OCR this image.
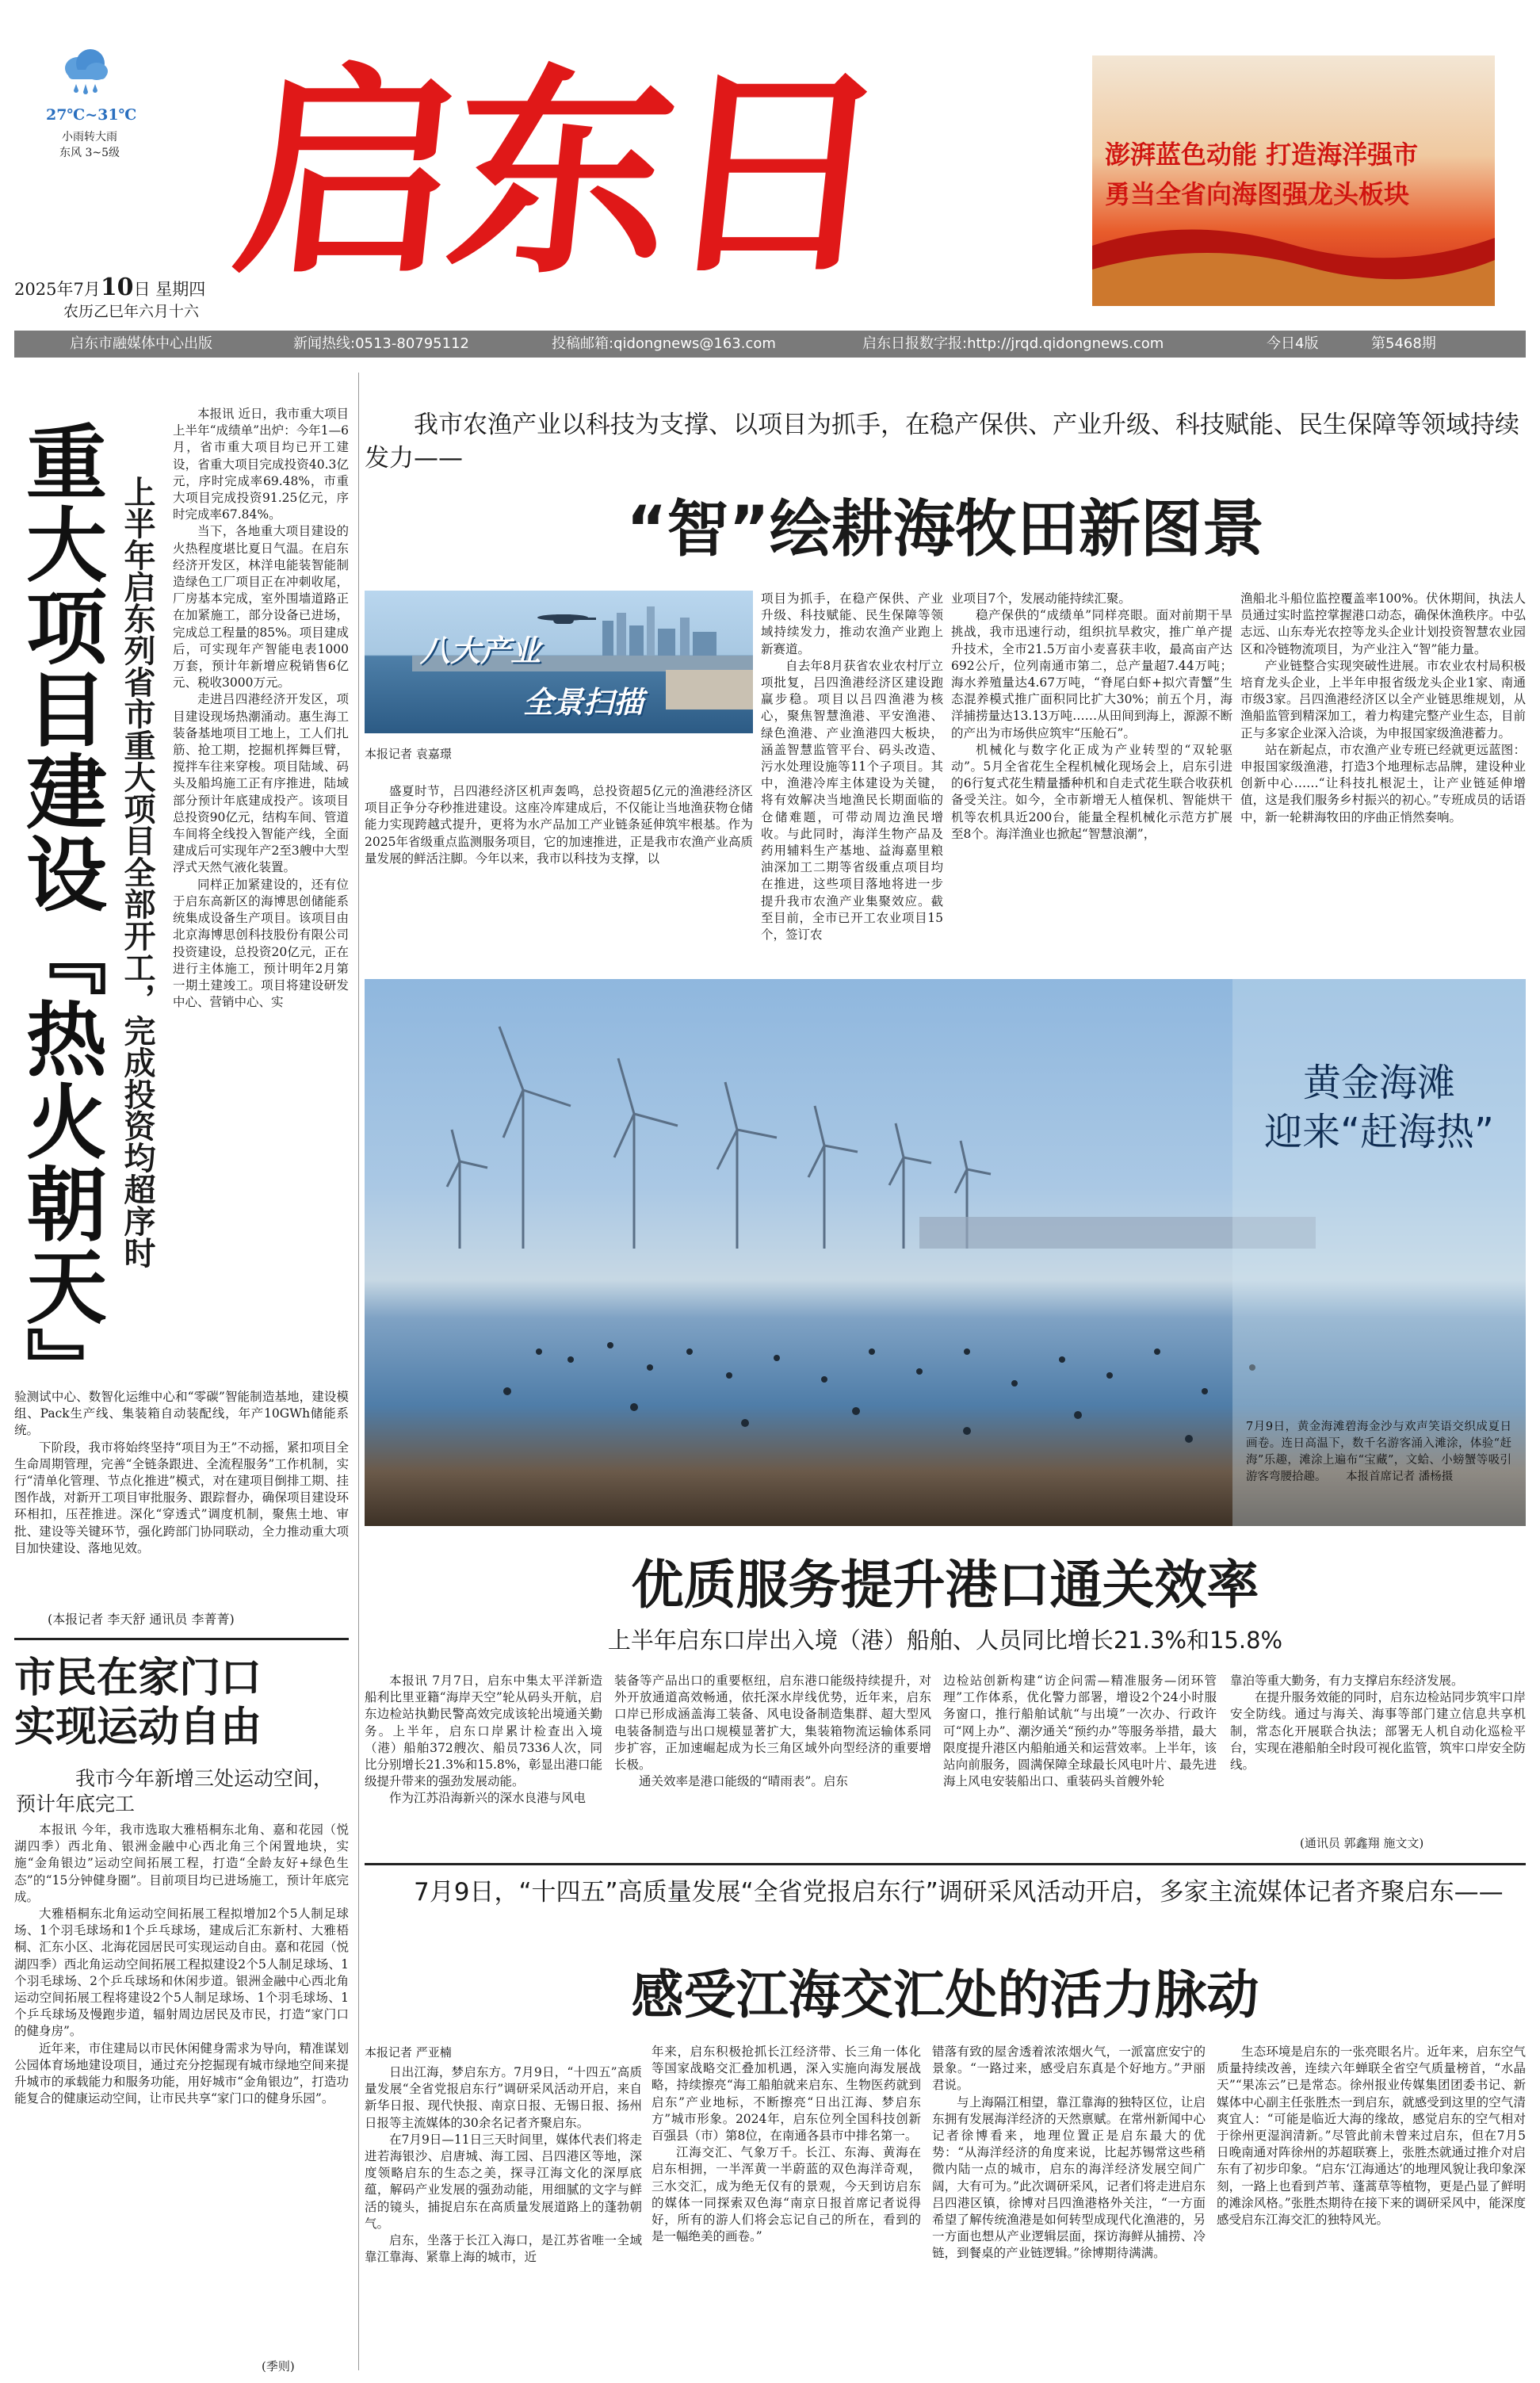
27℃~31℃
小雨转大雨
东风 3~5级
2025年7月10日 星期四
农历乙巳年六月十六
启东日报
澎湃蓝色动能 打造海洋强市
勇当全省向海图强龙头板块
启东市融媒体中心出版	新闻热线:0513-80795112	投稿邮箱:qidongnews@163.com	启东日报数字报:http://jrqd.qidongnews.com	今日4版	第5468期
重大项目建设『热火朝天』 上半年启东列省市重大项目全部开工，完成投资均超序时

本报讯 近日，我市重大项目上半年“成绩单”出炉：今年1—6月，省市重大项目均已开工建设，省重大项目完成投资40.3亿元，序时完成率69.48%，市重大项目完成投资91.25亿元，序时完成率67.84%。

当下，各地重大项目建设的火热程度堪比夏日气温。在启东经济开发区，林洋电能装智能制造绿色工厂项目正在冲刺收尾，厂房基本完成，室外围墙道路正在加紧施工，部分设备已进场，完成总工程量的85%。项目建成后，可实现年产智能电表1000万套，预计年新增应税销售6亿元、税收3000万元。

走进吕四港经济开发区，项目建设现场热潮涌动。惠生海工装备基地项目工地上，工人们扎筋、抢工期，挖掘机挥舞巨臂，搅拌车往来穿梭。项目陆域、码头及船坞施工正有序推进，陆域部分预计年底建成投产。该项目总投资90亿元，结构车间、管道车间将全线投入智能产线，全面建成后可实现年产2至3艘中大型浮式天然气液化装置。

同样正加紧建设的，还有位于启东高新区的海博思创储能系统集成设备生产项目。该项目由北京海博思创科技股份有限公司投资建设，总投资20亿元，正在进行主体施工，预计明年2月第一期土建竣工。项目将建设研发中心、营销中心、实

验测试中心、数智化运维中心和“零碳”智能制造基地，建设模组、Pack生产线、集装箱自动装配线，年产10GWh储能系统。

下阶段，我市将始终坚持“项目为王”不动摇，紧扣项目全生命周期管理，完善“全链条跟进、全流程服务”工作机制，实行“清单化管理、节点化推进”模式，对在建项目倒排工期、挂图作战，对新开工项目审批服务、跟踪督办，确保项目建设环环相扣，压茬推进。深化“穿透式”调度机制，聚焦土地、审批、建设等关键环节，强化跨部门协同联动，全力推动重大项目加快建设、落地见效。

(本报记者 李天舒 通讯员 李菁菁)
市民在家门口
实现运动自由
我市今年新增三处运动空间，预计年底完工

本报讯 今年，我市选取大雅梧桐东北角、嘉和花园（悦湖四季）西北角、银洲金融中心西北角三个闲置地块，实施“金角银边”运动空间拓展工程，打造“全龄友好+绿色生态”的“15分钟健身圈”。目前项目均已进场施工，预计年底完成。

大雅梧桐东北角运动空间拓展工程拟增加2个5人制足球场、1个羽毛球场和1个乒乓球场，建成后汇东新村、大雅梧桐、汇东小区、北海花园居民可实现运动自由。嘉和花园（悦湖四季）西北角运动空间拓展工程拟建设2个5人制足球场、1个羽毛球场、2个乒乓球场和休闲步道。银洲金融中心西北角运动空间拓展工程将建设2个5人制足球场、1个羽毛球场、1个乒乓球场及慢跑步道，辐射周边居民及市民，打造“家门口的健身房”。

近年来，市住建局以市民休闲健身需求为导向，精准谋划公园体育场地建设项目，通过充分挖掘现有城市绿地空间来提升城市的承载能力和服务功能，用好城市“金角银边”，打造功能复合的健康运动空间，让市民共享“家门口的健身乐园”。

(季则)
我市农渔产业以科技为支撑、以项目为抓手，在稳产保供、产业升级、科技赋能、民生保障等领域持续发力——
“智”绘耕海牧田新图景
八大产业
全景扫描
本报记者 袁嘉璟

盛夏时节，吕四港经济区机声轰鸣，总投资超5亿元的渔港经济区项目正争分夺秒推进建设。这座冷库建成后，不仅能让当地渔获物仓储能力实现跨越式提升，更将为水产品加工产业链条延伸筑牢根基。作为2025年省级重点监测服务项目，它的加速推进，正是我市农渔产业高质量发展的鲜活注脚。今年以来，我市以科技为支撑，以

项目为抓手，在稳产保供、产业升级、科技赋能、民生保障等领域持续发力，推动农渔产业跑上新赛道。

自去年8月获省农业农村厅立项批复，吕四渔港经济区建设跑赢步稳。项目以吕四渔港为核心，聚焦智慧渔港、平安渔港、绿色渔港、产业渔港四大板块，涵盖智慧监管平台、码头改造、污水处理设施等11个子项目。其中，渔港冷库主体建设为关键，将有效解决当地渔民长期面临的仓储难题，可带动周边渔民增收。与此同时，海洋生物产品及药用辅料生产基地、益海嘉里粮油深加工二期等省级重点项目均在推进，这些项目落地将进一步提升我市农渔产业集聚效应。截至目前，全市已开工农业项目15个，签订农

业项目7个，发展动能持续汇聚。

稳产保供的“成绩单”同样亮眼。面对前期干旱挑战，我市迅速行动，组织抗旱救灾，推广单产提升技术，全市21.5万亩小麦喜获丰收，最高亩产达692公斤，位列南通市第二，总产量超7.44万吨；海水养殖量达4.67万吨，“脊尾白虾+拟穴青蟹”生态混养模式推广面积同比扩大30%；前五个月，海洋捕捞量达13.13万吨……从田间到海上，源源不断的产出为市场供应筑牢“压舱石”。

机械化与数字化正成为产业转型的“双轮驱动”。5月全省花生全程机械化现场会上，启东引进的6行复式花生精量播种机和自走式花生联合收获机备受关注。如今，全市新增无人植保机、智能烘干机等农机具近200台，能量全程机械化示范方扩展至8个。海洋渔业也掀起“智慧浪潮”，

渔船北斗船位监控覆盖率100%。伏休期间，执法人员通过实时监控掌握港口动态，确保休渔秩序。中弘志远、山东寿光农控等龙头企业计划投资智慧农业园区和冷链物流项目，为产业注入“智”能力量。

产业链整合实现突破性进展。市农业农村局积极培育龙头企业，上半年申报省级龙头企业1家、南通市级3家。吕四渔港经济区以全产业链思维规划，从渔船监管到精深加工，着力构建完整产业生态，目前正与多家企业深入洽谈，为申报国家级渔港蓄力。

站在新起点，市农渔产业专班已经就更远蓝图：申报国家级渔港，打造3个地理标志品牌，建设种业创新中心……“让科技扎根泥土，让产业链延伸增值，这是我们服务乡村振兴的初心。”专班成员的话语中，新一轮耕海牧田的序曲正悄然奏响。

黄金海滩
迎来“赶海热”
7月9日，黄金海滩碧海金沙与欢声笑语交织成夏日画卷。连日高温下，数千名游客涌入滩涂，体验“赶海”乐趣，滩涂上遍布“宝藏”，文蛤、小螃蟹等吸引游客弯腰拾趣。 本报首席记者 潘杨摄
优质服务提升港口通关效率
上半年启东口岸出入境（港）船舶、人员同比增长21.3%和15.8%

本报讯 7月7日，启东中集太平洋新造船利比里亚籍“海岸天空”轮从码头开航，启东边检站执勤民警高效完成该轮出境通关勤务。上半年，启东口岸累计检查出入境（港）船舶372艘次、船员7336人次，同比分别增长21.3%和15.8%，彰显出港口能级提升带来的强劲发展动能。

作为江苏沿海新兴的深水良港与风电

装备等产品出口的重要枢纽，启东港口能级持续提升，对外开放通道高效畅通，依托深水岸线优势，近年来，启东口岸已形成涵盖海工装备、风电设备制造集群、超大型风电装备制造与出口规模显著扩大，集装箱物流运输体系同步扩容，正加速崛起成为长三角区域外向型经济的重要增长极。

通关效率是港口能级的“晴雨表”。启东

边检站创新构建“访企问需—精准服务—闭环管理”工作体系，优化警力部署，增设2个24小时服务窗口，推行船舶试航“与出境”一次办、行政许可“网上办”、潮汐通关“预约办”等服务举措，最大限度提升港区内船舶通关和运营效率。上半年，该站向前服务，圆满保障全球最长风电叶片、最先进海上风电安装船出口、重装码头首艘外轮

靠泊等重大勤务，有力支撑启东经济发展。

在提升服务效能的同时，启东边检站同步筑牢口岸安全防线。通过与海关、海事等部门建立信息共享机制，常态化开展联合执法；部署无人机自动化巡检平台，实现在港船舶全时段可视化监管，筑牢口岸安全防线。

(通讯员 郭鑫翔 施文文)
7月9日，“十四五”高质量发展“全省党报启东行”调研采风活动开启，多家主流媒体记者齐聚启东——
感受江海交汇处的活力脉动
本报记者 严亚楠

日出江海，梦启东方。7月9日，“十四五”高质量发展“全省党报启东行”调研采风活动开启，来自新华日报、现代快报、南京日报、无锡日报、扬州日报等主流媒体的30余名记者齐聚启东。

在7月9日—11日三天时间里，媒体代表们将走进若海银沙、启唐城、海工园、吕四港区等地，深度领略启东的生态之美，探寻江海文化的深厚底蕴，解码产业发展的强劲动能，用细腻的文字与鲜活的镜头，捕捉启东在高质量发展道路上的蓬勃朝气。

启东，坐落于长江入海口，是江苏省唯一全域靠江靠海、紧靠上海的城市，近

年来，启东积极抢抓长江经济带、长三角一体化等国家战略交汇叠加机遇，深入实施向海发展战略，持续擦亮“海工船舶就来启东、生物医药就到启东”产业地标，不断擦亮“日出江海、梦启东方”城市形象。2024年，启东位列全国科技创新百强县（市）第8位，在南通各县市中排名第一。

江海交汇、气象万千。长江、东海、黄海在启东相拥，一半浑黄一半蔚蓝的双色海洋奇观，三水交汇，成为绝无仅有的景观，今天到访启东的媒体一同探索双色海“南京日报首席记者说得好，所有的游人们将会忘记自己的所在，看到的是一幅绝美的画卷。”

错落有致的屋舍透着浓浓烟火气，一派富庶安宁的景象。“一路过来，感受启东真是个好地方。”尹丽君说。

与上海隔江相望，靠江靠海的独特区位，让启东拥有发展海洋经济的天然禀赋。在常州新闻中心记者徐博看来，地理位置正是启东最大的优势：“从海洋经济的角度来说，比起苏锡常这些稍微内陆一点的城市，启东的海洋经济发展空间广阔，大有可为。”此次调研采风，记者们将走进启东吕四港区镇，徐博对吕四渔港格外关注，“一方面希望了解传统渔港是如何转型成现代化渔港的，另一方面也想从产业逻辑层面，探访海鲜从捕捞、冷链，到餐桌的产业链逻辑。”徐博期待满满。

生态环境是启东的一张亮眼名片。近年来，启东空气质量持续改善，连续六年蝉联全省空气质量榜首，“水晶天”“果冻云”已是常态。徐州报业传媒集团团委书记、新媒体中心副主任张胜杰一到启东，就感受到这里的空气清爽宜人：“可能是临近大海的缘故，感觉启东的空气相对于徐州更湿润清新。”尽管此前未曾来过启东，但在7月5日晚南通对阵徐州的苏超联赛上，张胜杰就通过推介对启东有了初步印象。“启东‘江海通达’的地理风貌让我印象深刻，一路上也看到芦苇、蓬蒿草等植物，更是凸显了鲜明的滩涂风格。”张胜杰期待在接下来的调研采风中，能深度感受启东江海交汇的独特风光。
